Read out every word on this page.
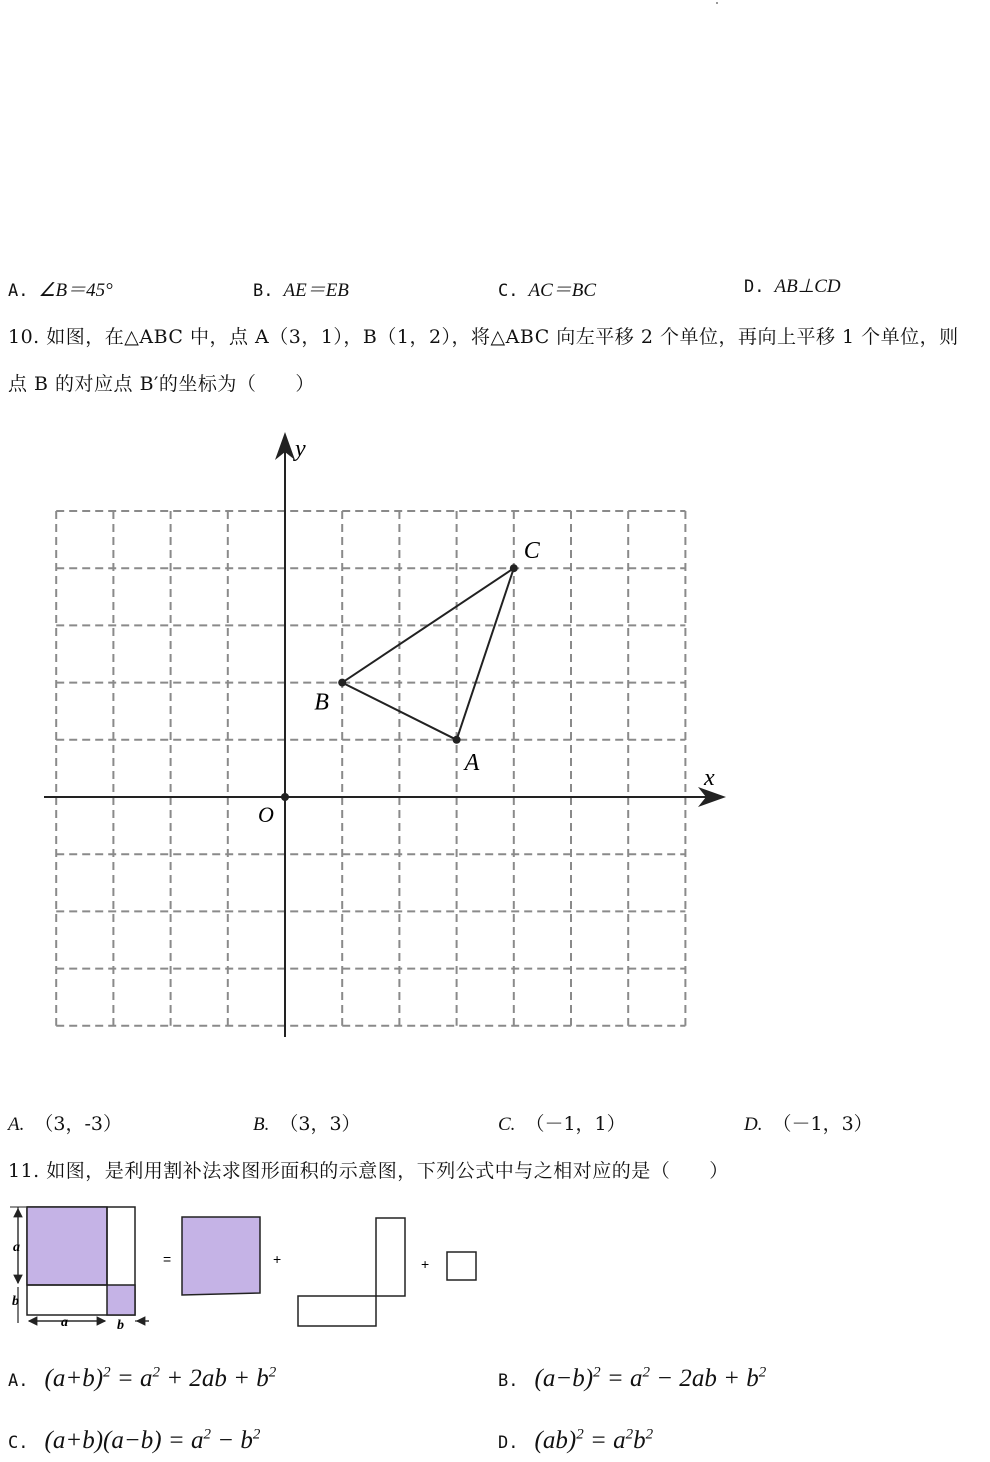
A. ∠B＝45°	B. AE＝EB	C. AC＝BC	D. AB⊥CD
10. 如图，在△ABC 中，点 A（3，1），B（1，2），将△ABC 向左平移 2 个单位，再向上平移 1 个单位，则
点 B 的对应点 B′的坐标为（　　）
A
B
C
x
y
O
A. （3，-3）	B. （3，3）	C. （－1，1）	D. （－1，3）
11. 如图，是利用割补法求图形面积的示意图，下列公式中与之相对应的是（　　）
a
b
a	b
=	+	+
A. $(a+b)^2 = a^2 + 2ab + b^2$	B. $(a-b)^2 = a^2 - 2ab + b^2$
C. $(a+b)(a-b) = a^2 - b^2$	D. $(ab)^2 = a^2b^2$
